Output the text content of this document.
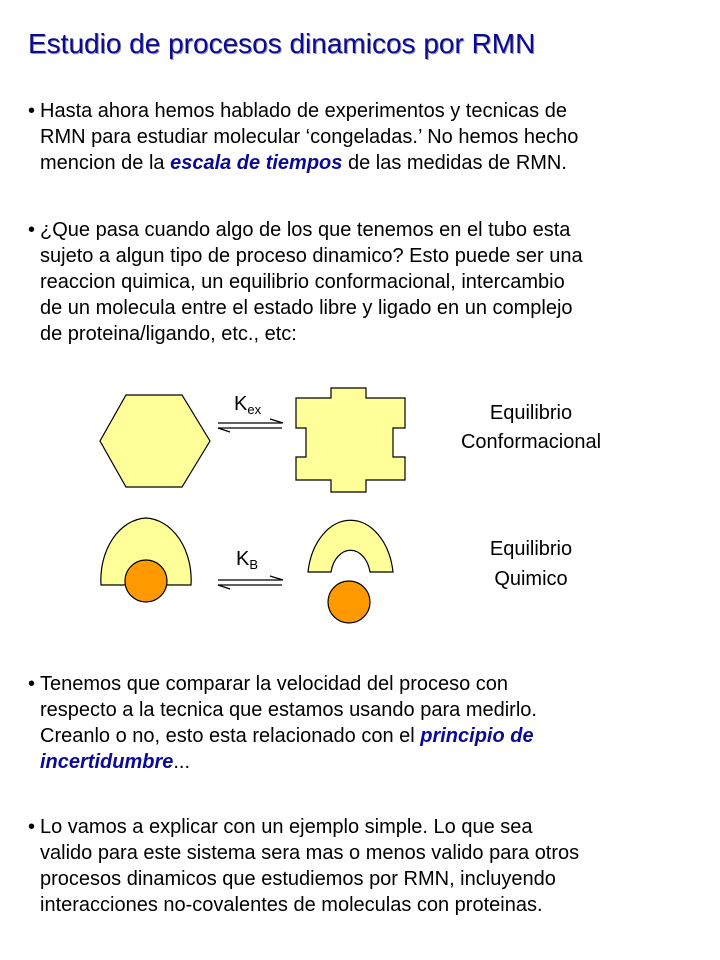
Estudio de procesos dinamicos por RMN
• Hasta ahora hemos hablado de experimentos y tecnicas de
RMN para estudiar molecular ‘congeladas.’ No hemos hecho
mencion de la escala de tiempos de las medidas de RMN.
• ¿Que pasa cuando algo de los que tenemos en el tubo esta
sujeto a algun tipo de proceso dinamico? Esto puede ser una
reaccion quimica, un equilibrio conformacional, intercambio
de un molecula entre el estado libre y ligado en un complejo
de proteina/ligando, etc., etc:
$K_{ex}$	Equilibrio
Conformacional
$K_B$
Equilibrio
Quimico
• Tenemos que comparar la velocidad del proceso con
respecto a la tecnica que estamos usando para medirlo.
Creanlo o no, esto esta relacionado con el principio de
incertidumbre...
• Lo vamos a explicar con un ejemplo simple. Lo que sea
valido para este sistema sera mas o menos valido para otros
procesos dinamicos que estudiemos por RMN, incluyendo
interacciones no-covalentes de moleculas con proteinas.
